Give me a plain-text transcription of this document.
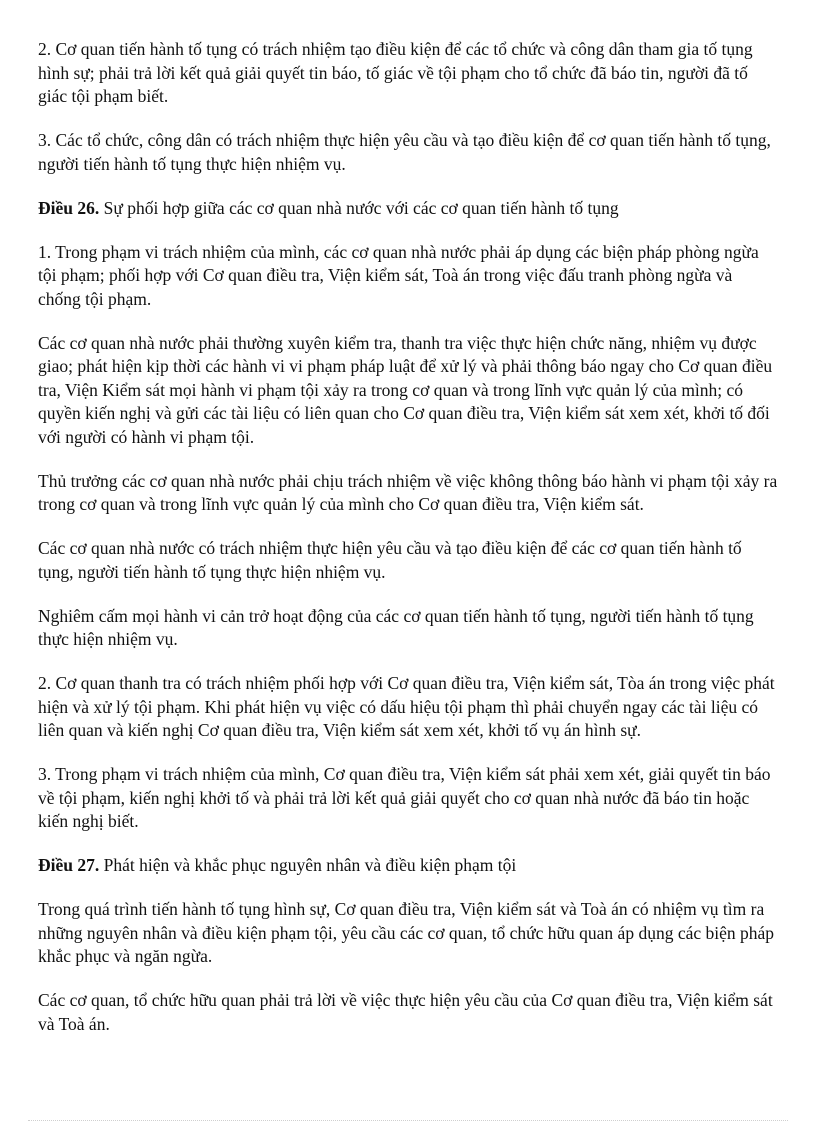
2. Cơ quan tiến hành tố tụng có trách nhiệm tạo điều kiện để các tổ chức và công dân tham gia tố tụng hình sự; phải trả lời kết quả giải quyết tin báo, tố giác về tội phạm cho tổ chức đã báo tin, người đã tố giác tội phạm biết.

3. Các tổ chức, công dân có trách nhiệm thực hiện yêu cầu và tạo điều kiện để cơ quan tiến hành tố tụng, người tiến hành tố tụng thực hiện nhiệm vụ.

Điều 26. Sự phối hợp giữa các cơ quan nhà nước với các cơ quan tiến hành tố tụng

1. Trong phạm vi trách nhiệm của mình, các cơ quan nhà nước phải áp dụng các biện pháp phòng ngừa tội phạm; phối hợp với Cơ quan điều tra, Viện kiểm sát, Toà án trong việc đấu tranh phòng ngừa và chống tội phạm.

Các cơ quan nhà nước phải thường xuyên kiểm tra, thanh tra việc thực hiện chức năng, nhiệm vụ được giao; phát hiện kịp thời các hành vi vi phạm pháp luật để xử lý và phải thông báo ngay cho Cơ quan điều tra, Viện Kiểm sát mọi hành vi phạm tội xảy ra trong cơ quan và trong lĩnh vực quản lý của mình; có quyền kiến nghị và gửi các tài liệu có liên quan cho Cơ quan điều tra, Viện kiểm sát xem xét, khởi tố đối với người có hành vi phạm tội.

Thủ trưởng các cơ quan nhà nước phải chịu trách nhiệm về việc không thông báo hành vi phạm tội xảy ra trong cơ quan và trong lĩnh vực quản lý của mình cho Cơ quan điều tra, Viện kiểm sát.

Các cơ quan nhà nước có trách nhiệm thực hiện yêu cầu và tạo điều kiện để các cơ quan tiến hành tố tụng, người tiến hành tố tụng thực hiện nhiệm vụ.

Nghiêm cấm mọi hành vi cản trở hoạt động của các cơ quan tiến hành tố tụng, người tiến hành tố tụng thực hiện nhiệm vụ.

2. Cơ quan thanh tra có trách nhiệm phối hợp với Cơ quan điều tra, Viện kiểm sát, Tòa án trong việc phát hiện và xử lý tội phạm. Khi phát hiện vụ việc có dấu hiệu tội phạm thì phải chuyển ngay các tài liệu có liên quan và kiến nghị Cơ quan điều tra, Viện kiểm sát xem xét, khởi tố vụ án hình sự.

3. Trong phạm vi trách nhiệm của mình, Cơ quan điều tra, Viện kiểm sát phải xem xét, giải quyết tin báo về tội phạm, kiến nghị khởi tố và phải trả lời kết quả giải quyết cho cơ quan nhà nước đã báo tin hoặc kiến nghị biết.

Điều 27. Phát hiện và khắc phục nguyên nhân và điều kiện phạm tội

Trong quá trình tiến hành tố tụng hình sự, Cơ quan điều tra, Viện kiểm sát và Toà án có nhiệm vụ tìm ra những nguyên nhân và điều kiện phạm tội, yêu cầu các cơ quan, tổ chức hữu quan áp dụng các biện pháp khắc phục và ngăn ngừa.

Các cơ quan, tổ chức hữu quan phải trả lời về việc thực hiện yêu cầu của Cơ quan điều tra, Viện kiểm sát và Toà án.
